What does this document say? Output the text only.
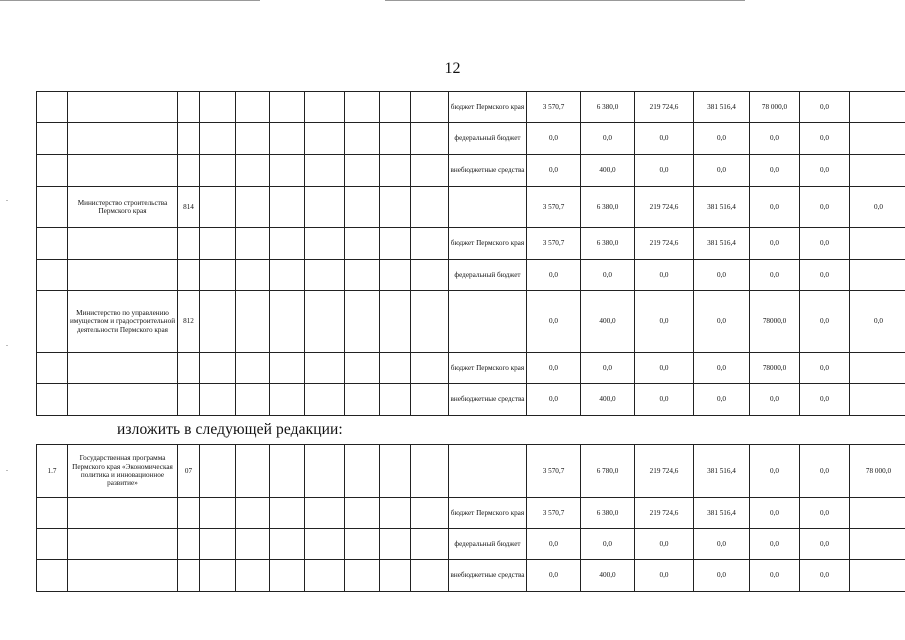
12
										бюджет Пермского края	3 570,7	6 380,0	219 724,6	381 516,4	78 000,0	0,0	
										федеральный бюджет	0,0	0,0	0,0	0,0	0,0	0,0	
										внебюджетные средства	0,0	400,0	0,0	0,0	0,0	0,0	
	Министерство строительства Пермского края	814									3 570,7	6 380,0	219 724,6	381 516,4	0,0	0,0	0,0
										бюджет Пермского края	3 570,7	6 380,0	219 724,6	381 516,4	0,0	0,0	
										федеральный бюджет	0,0	0,0	0,0	0,0	0,0	0,0	
	Министерство по управлению имуществом и градостроительной деятельности Пермского края	812									0,0	400,0	0,0	0,0	78000,0	0,0	0,0
										бюджет Пермского края	0,0	0,0	0,0	0,0	78000,0	0,0	
										внебюджетные средства	0,0	400,0	0,0	0,0	0,0	0,0	
изложить в следующей редакции:
1.7	Государственная программа Пермского края «Экономическая политика и инновационное развитие»	07									3 570,7	6 780,0	219 724,6	381 516,4	0,0	0,0	78 000,0
										бюджет Пермского края	3 570,7	6 380,0	219 724,6	381 516,4	0,0	0,0	
										федеральный бюджет	0,0	0,0	0,0	0,0	0,0	0,0	
										внебюджетные средства	0,0	400,0	0,0	0,0	0,0	0,0	
